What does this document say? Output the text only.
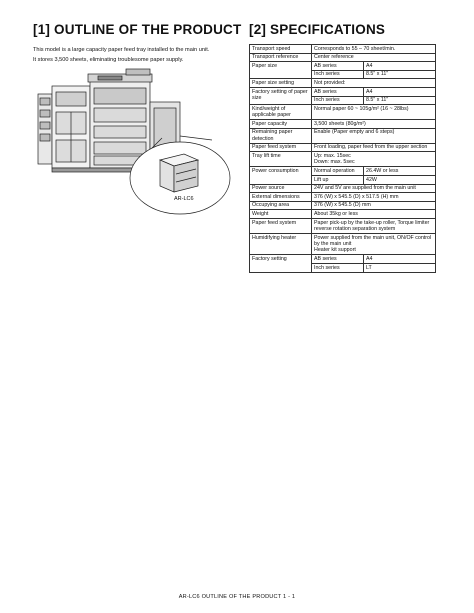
[1] OUTLINE OF THE PRODUCT

This model is a large capacity paper feed tray installed to the main unit.

It stores 3,500 sheets, eliminating troublesome paper supply.

AR-LC6
[2] SPECIFICATIONS
Transport speed	Corresponds to 55 – 70 sheet/min.	
Transport reference	Center reference	
Paper size	AB series	A4
	Inch series	8.5" x 11"
Paper size setting	Not provided:	
Factory setting of paper size	AB series	A4
	Inch series	8.5" x 11"
Kind/weight of applicable paper	Normal paper 60 ~ 105g/m² (16 ~ 28lbs)	
Paper capacity	3,500 sheets (80g/m²)	
Remaining paper detection	Enable (Paper empty and 6 steps)	
Paper feed system	Front loading, paper feed from the upper section	
Tray lift time	Up: max. 15sec
Down: max. 5sec	
Power consumption	Normal operation	26.4W or less
	Lift up	42W
Power source	24V and 5V are supplied from the main unit	
External dimensions	376 (W) x 545.5 (D) x 517.5 (H) mm	
Occupying area	376 (W) x 545.5 (D) mm	
Weight	About 35kg or less	
Paper feed system	Paper pick-up by the take-up roller, Torque limiter reverse rotation separation system	
Humidifying heater	Power supplied from the main unit, ON/OF control by the main unit
Heater kit support	
Factory setting	AB series	A4
	Inch series	LT
AR-LC6 OUTLINE OF THE PRODUCT 1 - 1
